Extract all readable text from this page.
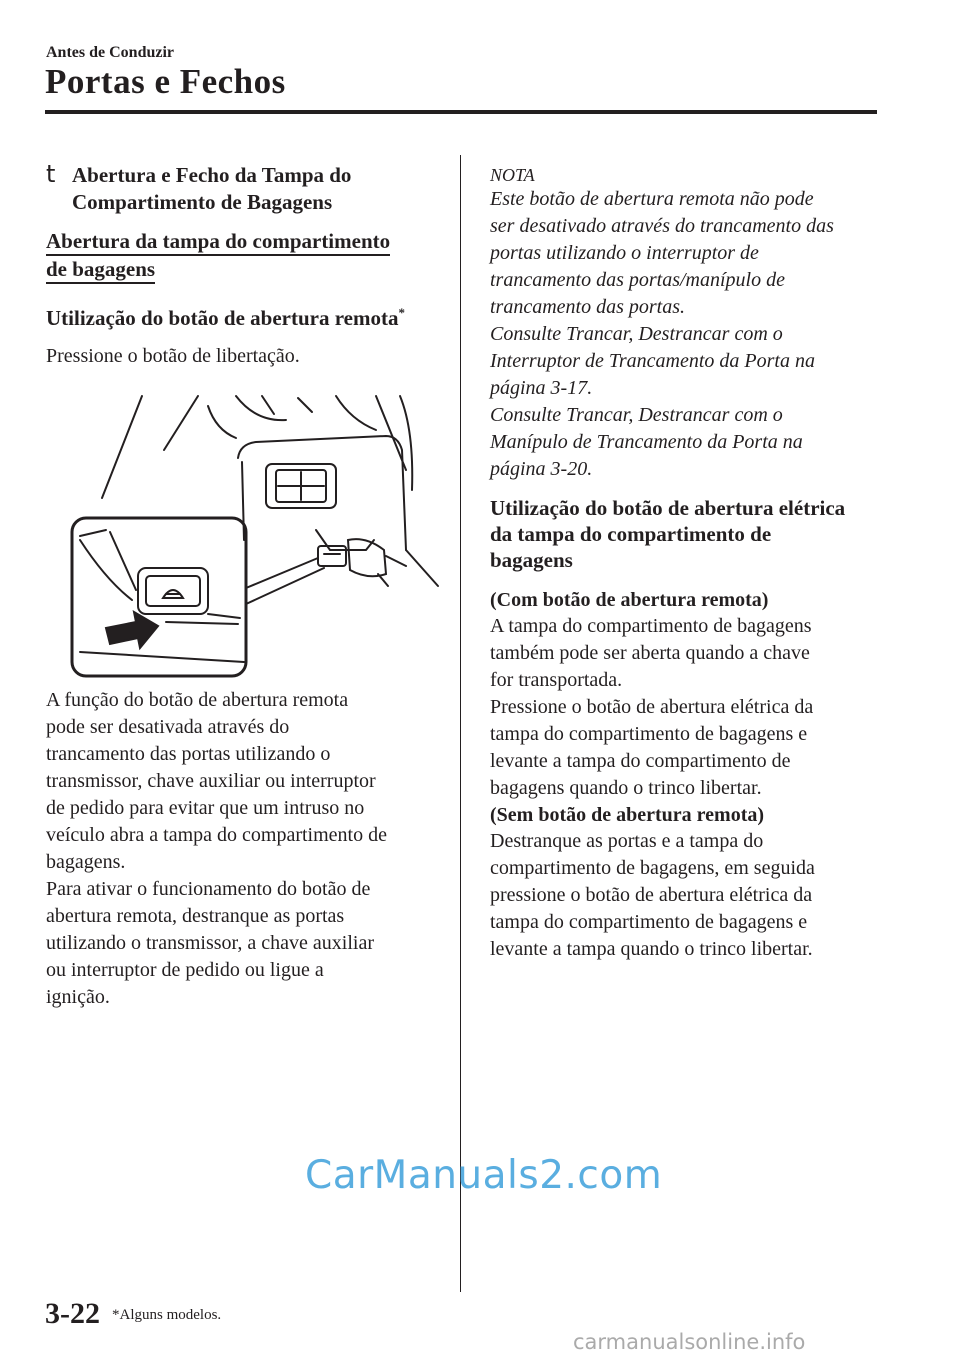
Antes de Conduzir
Portas e Fechos
t Abertura e Fecho da Tampa do
Compartimento de Bagagens
Abertura da tampa do compartimento
de bagagens
Utilização do botão de abertura remota*

Pressione o botão de libertação.

A função do botão de abertura remota

pode ser desativada através do

trancamento das portas utilizando o

transmissor, chave auxiliar ou interruptor

de pedido para evitar que um intruso no

veículo abra a tampa do compartimento de

bagagens.

Para ativar o funcionamento do botão de

abertura remota, destranque as portas

utilizando o transmissor, a chave auxiliar

ou interruptor de pedido ou ligue a

ignição.

NOTA

Este botão de abertura remota não pode

ser desativado através do trancamento das

portas utilizando o interruptor de

trancamento das portas/manípulo de

trancamento das portas.

Consulte Trancar, Destrancar com o

Interruptor de Trancamento da Porta na

página 3-17.

Consulte Trancar, Destrancar com o

Manípulo de Trancamento da Porta na

página 3-20.

Utilização do botão de abertura elétrica
da tampa do compartimento de
bagagens
(Com botão de abertura remota)

A tampa do compartimento de bagagens

também pode ser aberta quando a chave

for transportada.

Pressione o botão de abertura elétrica da

tampa do compartimento de bagagens e

levante a tampa do compartimento de

bagagens quando o trinco libertar.

(Sem botão de abertura remota)

Destranque as portas e a tampa do

compartimento de bagagens, em seguida

pressione o botão de abertura elétrica da

tampa do compartimento de bagagens e

levante a tampa quando o trinco libertar.

3-22 *Alguns modelos.
CarManuals2.com
carmanualsonline.info
